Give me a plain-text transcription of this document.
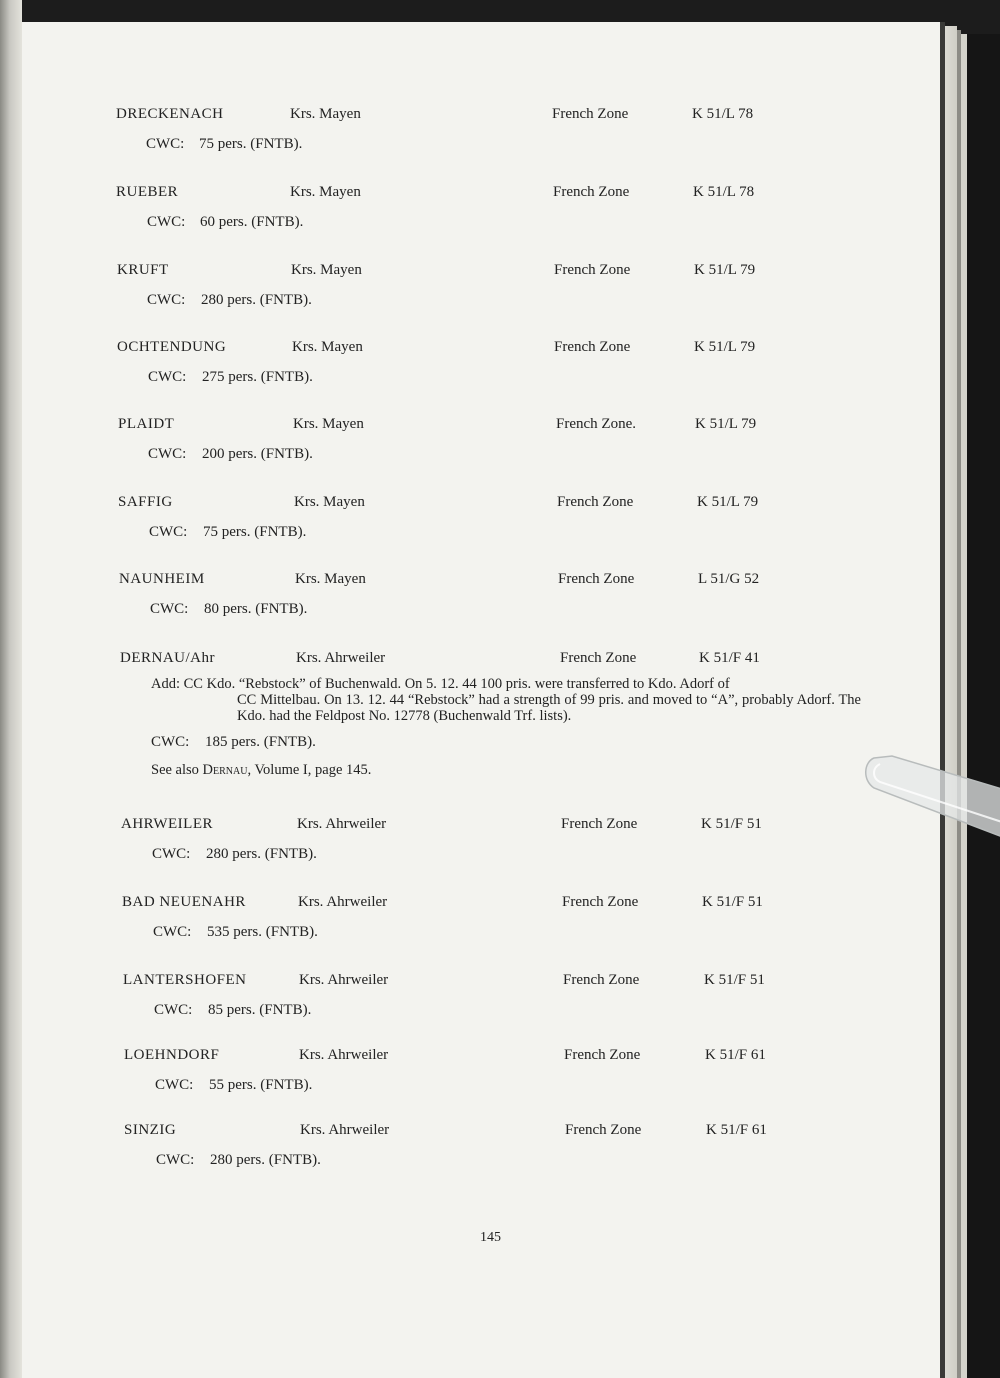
DRECKENACH	Krs. Mayen	French Zone	K 51/L 78
CWC: 75 pers. (FNTB).
RUEBER	Krs. Mayen	French Zone	K 51/L 78
CWC: 60 pers. (FNTB).
KRUFT	Krs. Mayen	French Zone	K 51/L 79
CWC: 280 pers. (FNTB).
OCHTENDUNG	Krs. Mayen	French Zone	K 51/L 79
CWC: 275 pers. (FNTB).
PLAIDT	Krs. Mayen	French Zone.	K 51/L 79
CWC: 200 pers. (FNTB).
SAFFIG	Krs. Mayen	French Zone	K 51/L 79
CWC: 75 pers. (FNTB).
NAUNHEIM	Krs. Mayen	French Zone	L 51/G 52
CWC: 80 pers. (FNTB).
DERNAU/Ahr	Krs. Ahrweiler	French Zone	K 51/F 41
Add: CC Kdo. “Rebstock” of Buchenwald. On 5. 12. 44 100 pris. were transferred to Kdo. Adorf of
CC Mittelbau. On 13. 12. 44 “Rebstock” had a strength of 99 pris. and moved to “A”, probably Adorf. The Kdo. had the Feldpost No. 12778 (Buchenwald Trf. lists).
CWC: 185 pers. (FNTB).
See also Dernau, Volume I, page 145.
AHRWEILER	Krs. Ahrweiler	French Zone	K 51/F 51
CWC: 280 pers. (FNTB).
BAD NEUENAHR	Krs. Ahrweiler	French Zone	K 51/F 51
CWC: 535 pers. (FNTB).
LANTERSHOFEN	Krs. Ahrweiler	French Zone	K 51/F 51
CWC: 85 pers. (FNTB).
LOEHNDORF	Krs. Ahrweiler	French Zone	K 51/F 61
CWC: 55 pers. (FNTB).
SINZIG	Krs. Ahrweiler	French Zone	K 51/F 61
CWC: 280 pers. (FNTB).
145
